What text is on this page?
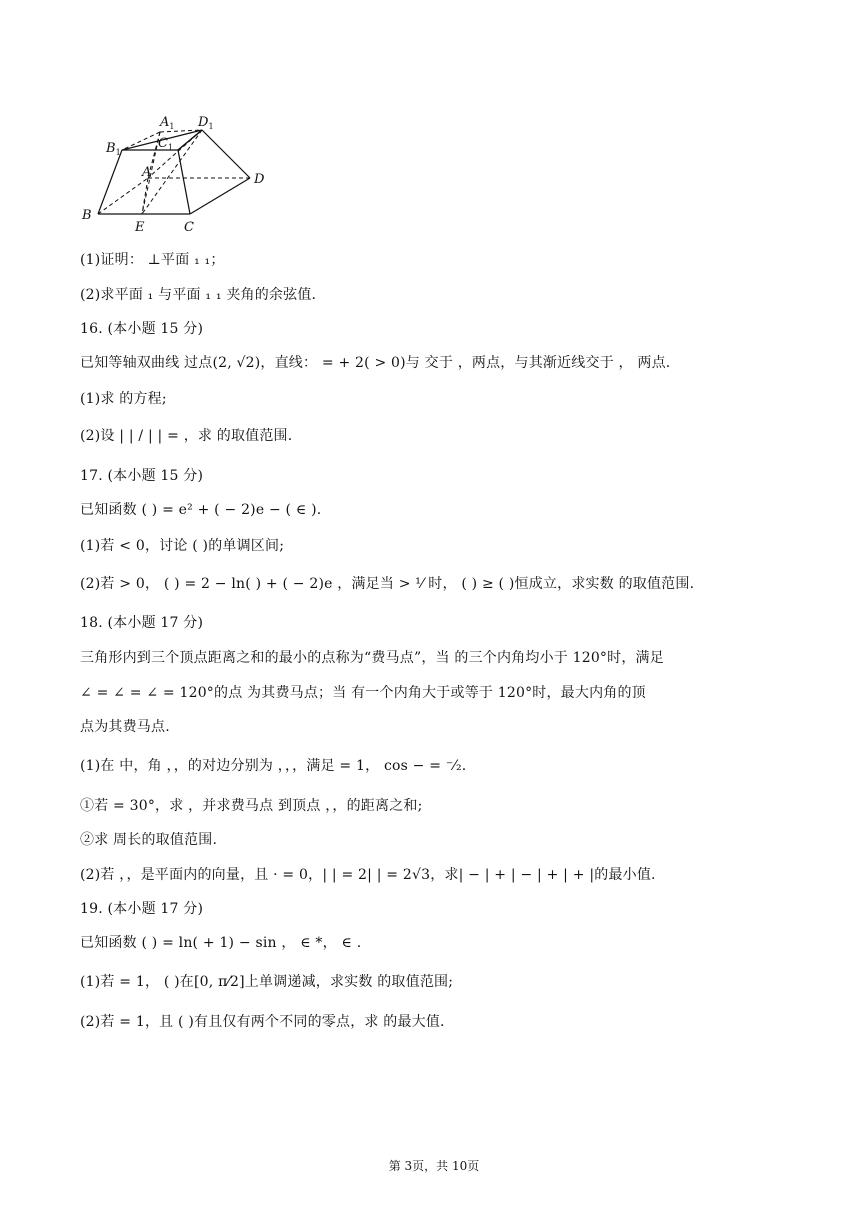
$A_1$ $D_1$
$B_1$
$C_1$
A	D
B
E	C
(1)证明： ⊥平面 ₁ ₁；
(2)求平面 ₁ 与平面 ₁ ₁ 夹角的余弦值.
16. (本小题 15 分)
已知等轴双曲线 过点(2, √2)，直线： = + 2( > 0)与 交于 ，两点，与其渐近线交于 ， 两点.
(1)求 的方程;
(2)设 | | / | | = ，求 的取值范围.
17. (本小题 15 分)
已知函数 ( ) = e² + ( − 2)e − ( ∈ ).
(1)若 < 0，讨论 ( )的单调区间;
(2)若 > 0， ( ) = 2 − ln( ) + ( − 2)e ，满足当 > ¹⁄ 时， ( ) ≥ ( )恒成立，求实数 的取值范围.
18. (本小题 17 分)
三角形内到三个顶点距离之和的最小的点称为“费马点”，当 的三个内角均小于 120°时，满足
∠ = ∠ = ∠ = 120°的点 为其费马点；当 有一个内角大于或等于 120°时，最大内角的顶
点为其费马点.
(1)在 中，角 ，，的对边分别为 ，，，满足 = 1， cos − = ⁻⁄₂.
①若 = 30°，求 ，并求费马点 到顶点 ，，的距离之和;
②求 周长的取值范围.
(2)若 ，，是平面内的向量，且 · = 0，| | = 2| | = 2√3，求| − | + | − | + | + |的最小值.
19. (本小题 17 分)
已知函数 ( ) = ln( + 1) − sin ， ∈ *， ∈ .
(1)若 = 1， ( )在[0, π⁄2]上单调递减，求实数 的取值范围;
(2)若 = 1，且 ( )有且仅有两个不同的零点，求 的最大值.
第 3页，共 10页
